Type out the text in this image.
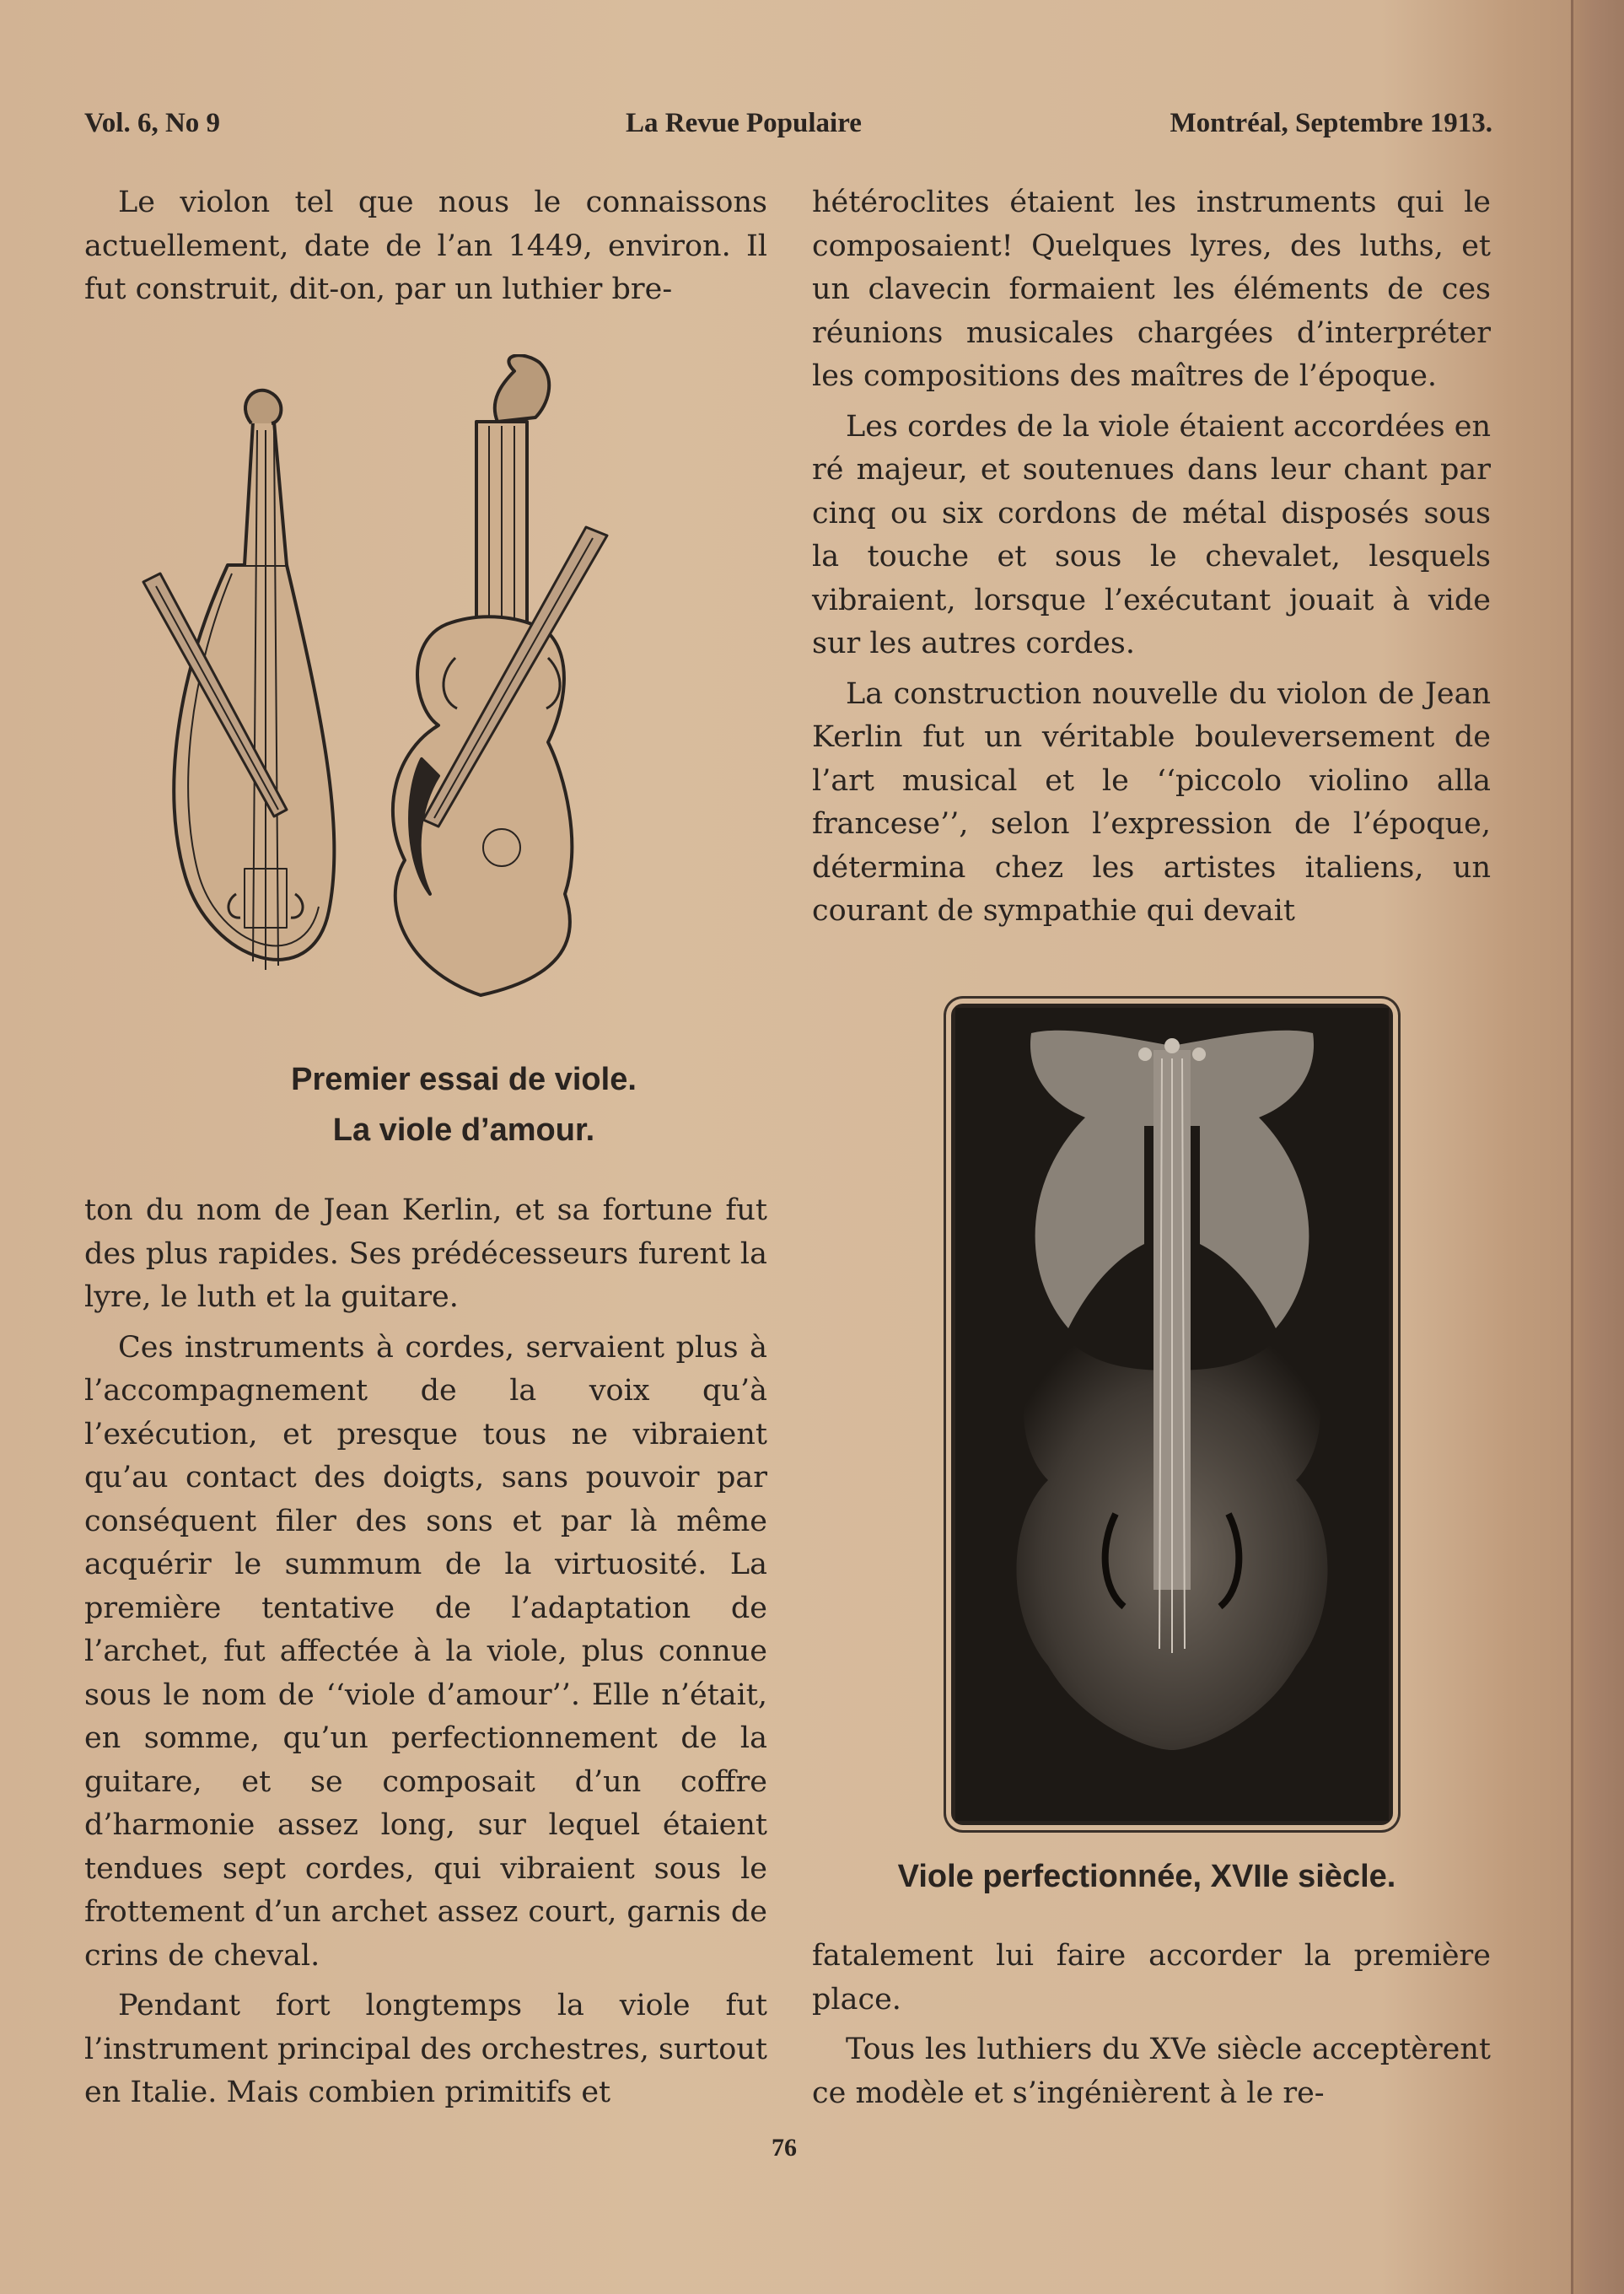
Vol. 6, No 9	La Revue Populaire	Montréal, Septembre 1913.

Le violon tel que nous le connaissons actuellement, date de l’an 1449, environ. Il fut construit, dit-on, par un luthier bre-

Premier essai de viole.
La viole d’amour.

ton du nom de Jean Kerlin, et sa fortune fut des plus rapides. Ses prédécesseurs furent la lyre, le luth et la guitare.

Ces instruments à cordes, servaient plus à l’accompagnement de la voix qu’à l’exécution, et presque tous ne vibraient qu’au contact des doigts, sans pouvoir par conséquent filer des sons et par là même acquérir le summum de la virtuosité. La première tentative de l’adaptation de l’archet, fut affectée à la viole, plus connue sous le nom de ‘‘viole d’amour’’. Elle n’était, en somme, qu’un perfectionnement de la guitare, et se composait d’un coffre d’harmonie assez long, sur lequel étaient tendues sept cordes, qui vibraient sous le frottement d’un archet assez court, garnis de crins de cheval.

Pendant fort longtemps la viole fut l’instrument principal des orchestres, surtout en Italie. Mais combien primitifs et

hétéroclites étaient les instruments qui le composaient! Quelques lyres, des luths, et un clavecin formaient les éléments de ces réunions musicales chargées d’interpréter les compositions des maîtres de l’époque.

Les cordes de la viole étaient accordées en ré majeur, et soutenues dans leur chant par cinq ou six cordons de métal disposés sous la touche et sous le chevalet, lesquels vibraient, lorsque l’exécutant jouait à vide sur les autres cordes.

La construction nouvelle du violon de Jean Kerlin fut un véritable bouleversement de l’art musical et le ‘‘piccolo violino alla francese’’, selon l’expression de l’époque, détermina chez les artistes italiens, un courant de sympathie qui devait

Viole perfectionnée, XVIIe siècle.

fatalement lui faire accorder la première place.

Tous les luthiers du XVe siècle acceptèrent ce modèle et s’ingénièrent à le re-

76
